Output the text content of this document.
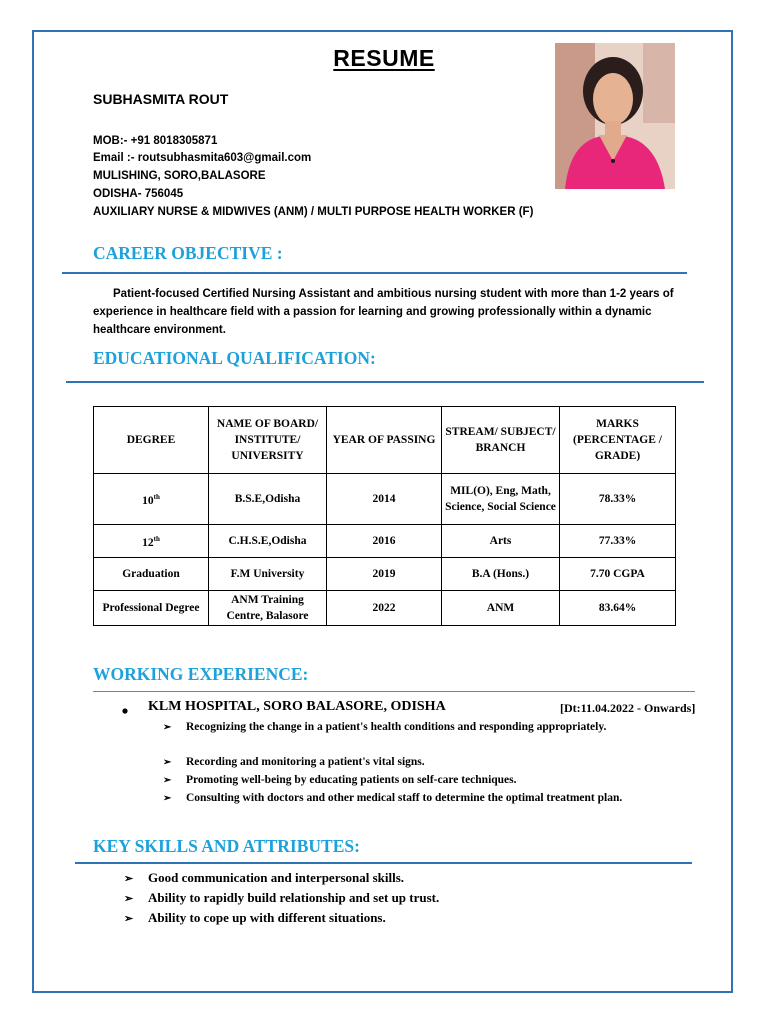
RESUME
SUBHASMITA ROUT
MOB:- +91 8018305871
Email :- routsubhasmita603@gmail.com
MULISHING, SORO,BALASORE
ODISHA- 756045
AUXILIARY NURSE & MIDWIVES (ANM) / MULTI PURPOSE HEALTH WORKER (F)
CAREER OBJECTIVE :
Patient-focused Certified Nursing Assistant and ambitious nursing student with more than 1-2 years of experience in healthcare field with a passion for learning and growing professionally within a dynamic healthcare environment.
EDUCATIONAL QUALIFICATION:
DEGREE	NAME OF BOARD/ INSTITUTE/ UNIVERSITY	YEAR OF PASSING	STREAM/ SUBJECT/ BRANCH	MARKS (PERCENTAGE / GRADE)
10th	B.S.E,Odisha	2014	MIL(O), Eng, Math, Science, Social Science	78.33%
12th	C.H.S.E,Odisha	2016	Arts	77.33%
Graduation	F.M University	2019	B.A (Hons.)	7.70 CGPA
Professional Degree	ANM Training Centre, Balasore	2022	ANM	83.64%
WORKING EXPERIENCE:
KLM HOSPITAL, SORO BALASORE, ODISHA	[Dt:11.04.2022 - Onwards]
➢ Recognizing the change in a patient's health conditions and responding appropriately.
➢ Recording and monitoring a patient's vital signs.
➢ Promoting well-being by educating patients on self-care techniques.
➢ Consulting with doctors and other medical staff to determine the optimal treatment plan.
KEY SKILLS AND ATTRIBUTES:
➢ Good communication and interpersonal skills.
➢ Ability to rapidly build relationship and set up trust.
➢ Ability to cope up with different situations.
